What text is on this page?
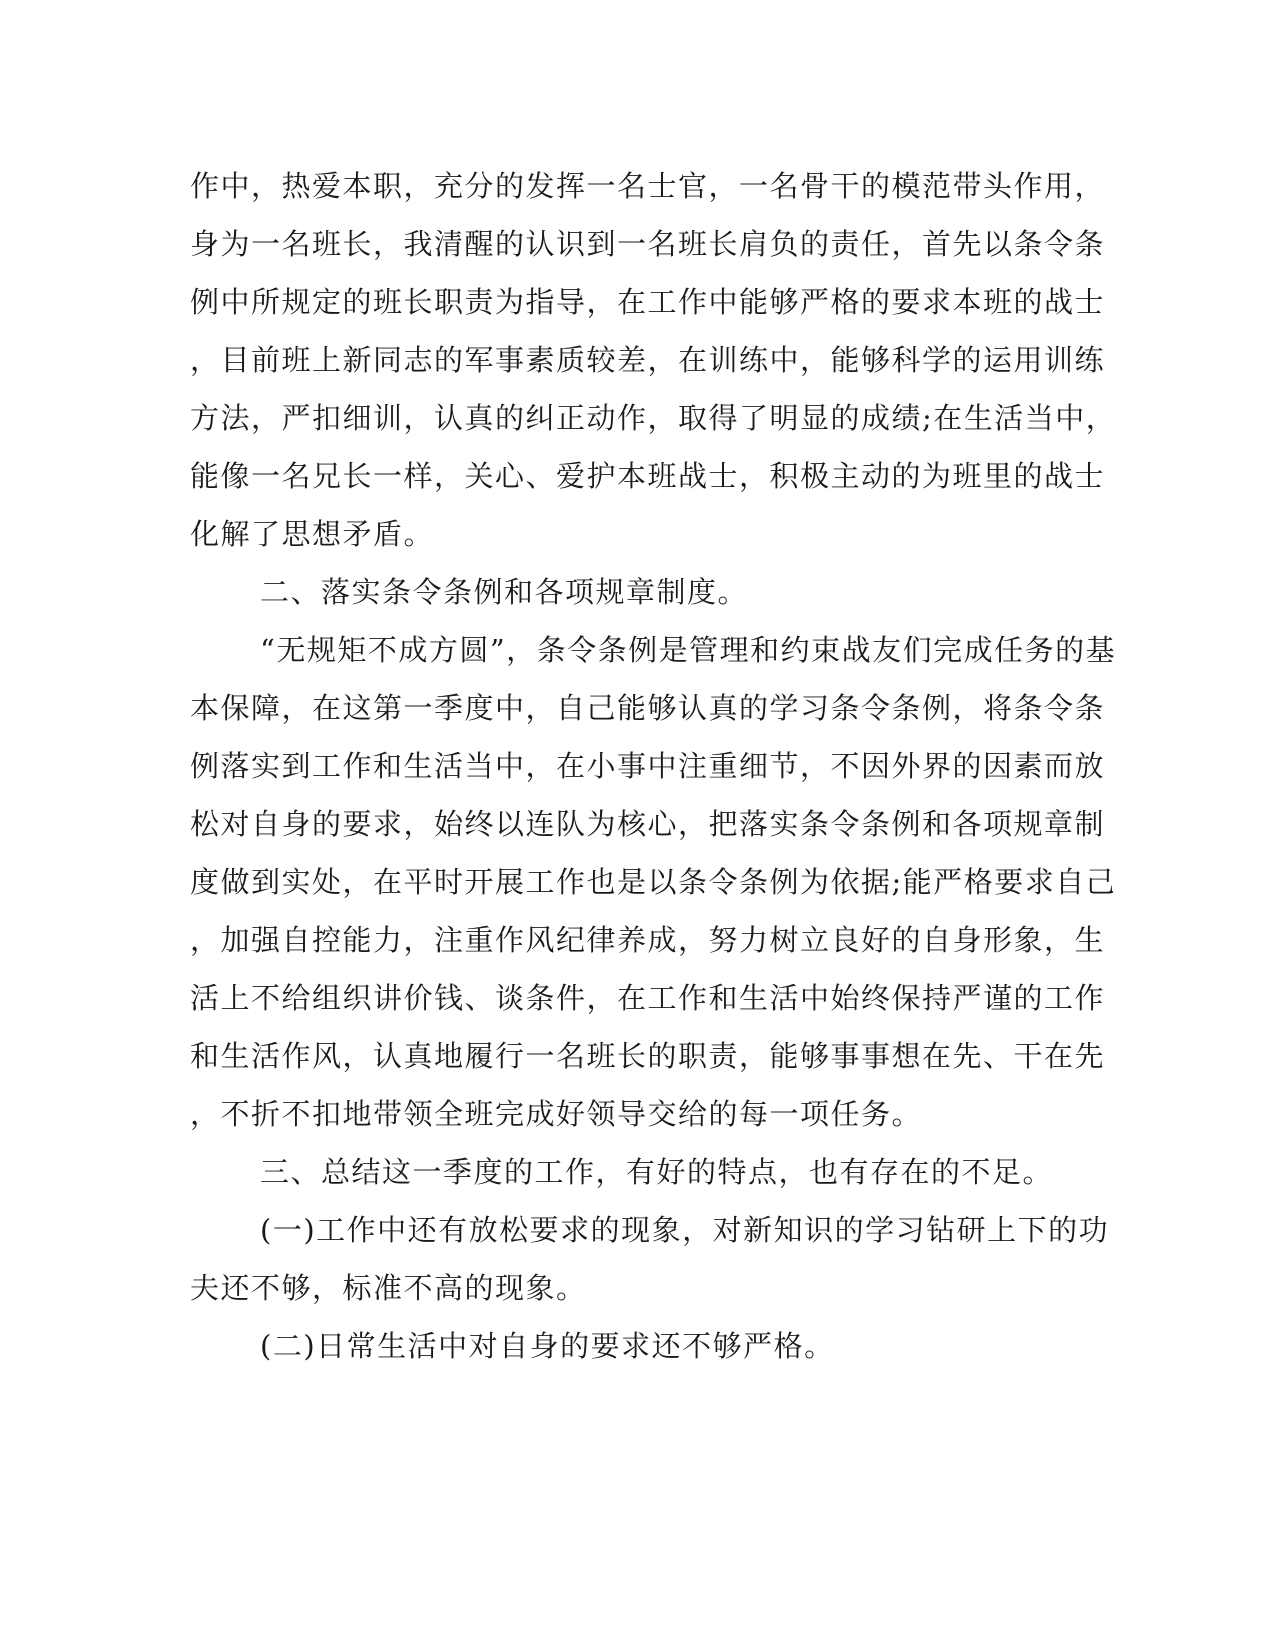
作中，热爱本职，充分的发挥一名士官，一名骨干的模范带头作用，
身为一名班长，我清醒的认识到一名班长肩负的责任，首先以条令条
例中所规定的班长职责为指导，在工作中能够严格的要求本班的战士
，目前班上新同志的军事素质较差，在训练中，能够科学的运用训练
方法，严扣细训，认真的纠正动作，取得了明显的成绩;在生活当中，
能像一名兄长一样，关心、爱护本班战士，积极主动的为班里的战士
化解了思想矛盾。
二、落实条令条例和各项规章制度。
“无规矩不成方圆”，条令条例是管理和约束战友们完成任务的基
本保障，在这第一季度中，自己能够认真的学习条令条例，将条令条
例落实到工作和生活当中，在小事中注重细节，不因外界的因素而放
松对自身的要求，始终以连队为核心，把落实条令条例和各项规章制
度做到实处，在平时开展工作也是以条令条例为依据;能严格要求自己
，加强自控能力，注重作风纪律养成，努力树立良好的自身形象，生
活上不给组织讲价钱、谈条件，在工作和生活中始终保持严谨的工作
和生活作风，认真地履行一名班长的职责，能够事事想在先、干在先
，不折不扣地带领全班完成好领导交给的每一项任务。
三、总结这一季度的工作，有好的特点，也有存在的不足。
(一)工作中还有放松要求的现象，对新知识的学习钻研上下的功
夫还不够，标准不高的现象。
(二)日常生活中对自身的要求还不够严格。
